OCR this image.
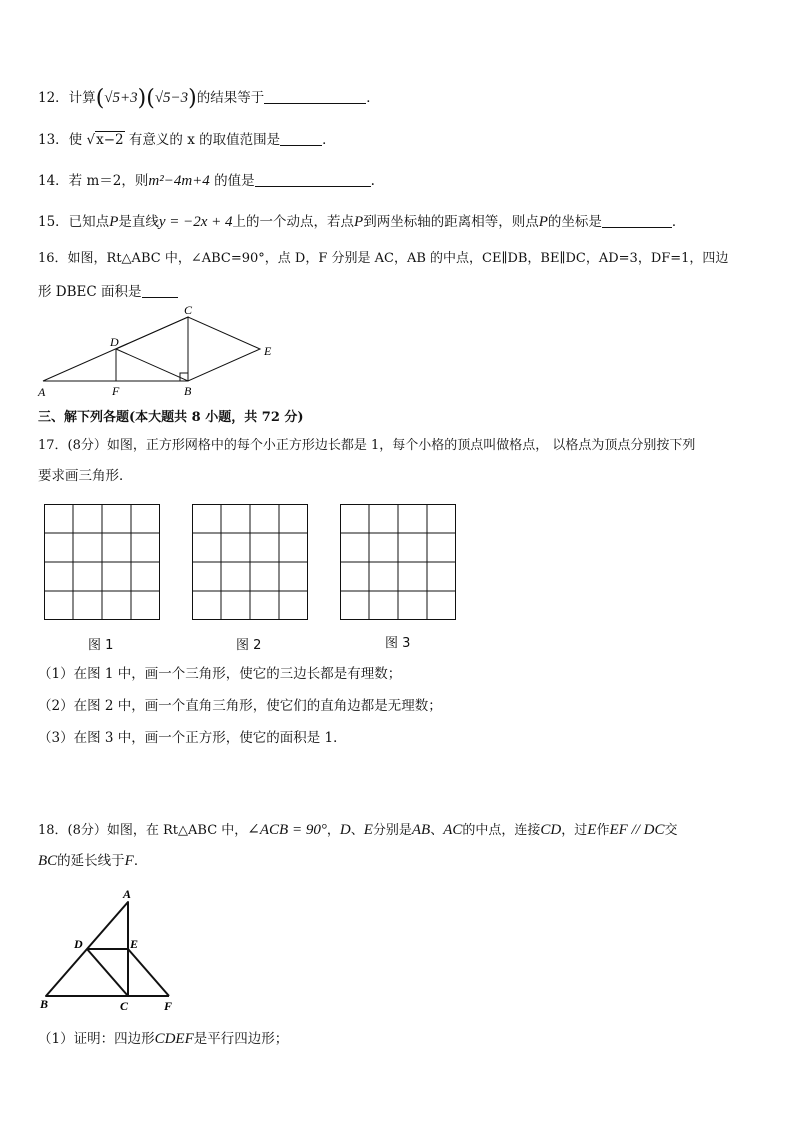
12．计算(√5+3)(√5−3)的结果等于	．
13．使 √x−2 有意义的 x 的取值范围是	．
14．若 m＝2，则m²−4m+4 的值是	.
15．已知点P是直线y = −2x + 4上的一个动点，若点P到两坐标轴的距离相等，则点P的坐标是	．
16．如图，Rt△ABC 中，∠ABC=90°，点 D，F 分别是 AC，AB 的中点，CE∥DB，BE∥DC，AD=3，DF=1，四边
形 DBEC 面积是
A	B
C
D
E
F
三、解下列各题(本大题共 8 小题，共 72 分)
17．(8分）如图，正方形网格中的每个小正方形边长都是 1，每个小格的顶点叫做格点， 以格点为顶点分别按下列
要求画三角形．
图 1	图 2	图 3
（1）在图 1 中，画一个三角形，使它的三边长都是有理数；
（2）在图 2 中，画一个直角三角形，使它们的直角边都是无理数；
（3）在图 3 中，画一个正方形，使它的面积是 1．
18．(8分）如图，在 Rt△ABC 中，∠ACB = 90°，D、E分别是AB、AC的中点，连接CD，过E作EF // DC交
BC的延长线于F．
A
B	C
D	E
F
（1）证明：四边形CDEF是平行四边形；
